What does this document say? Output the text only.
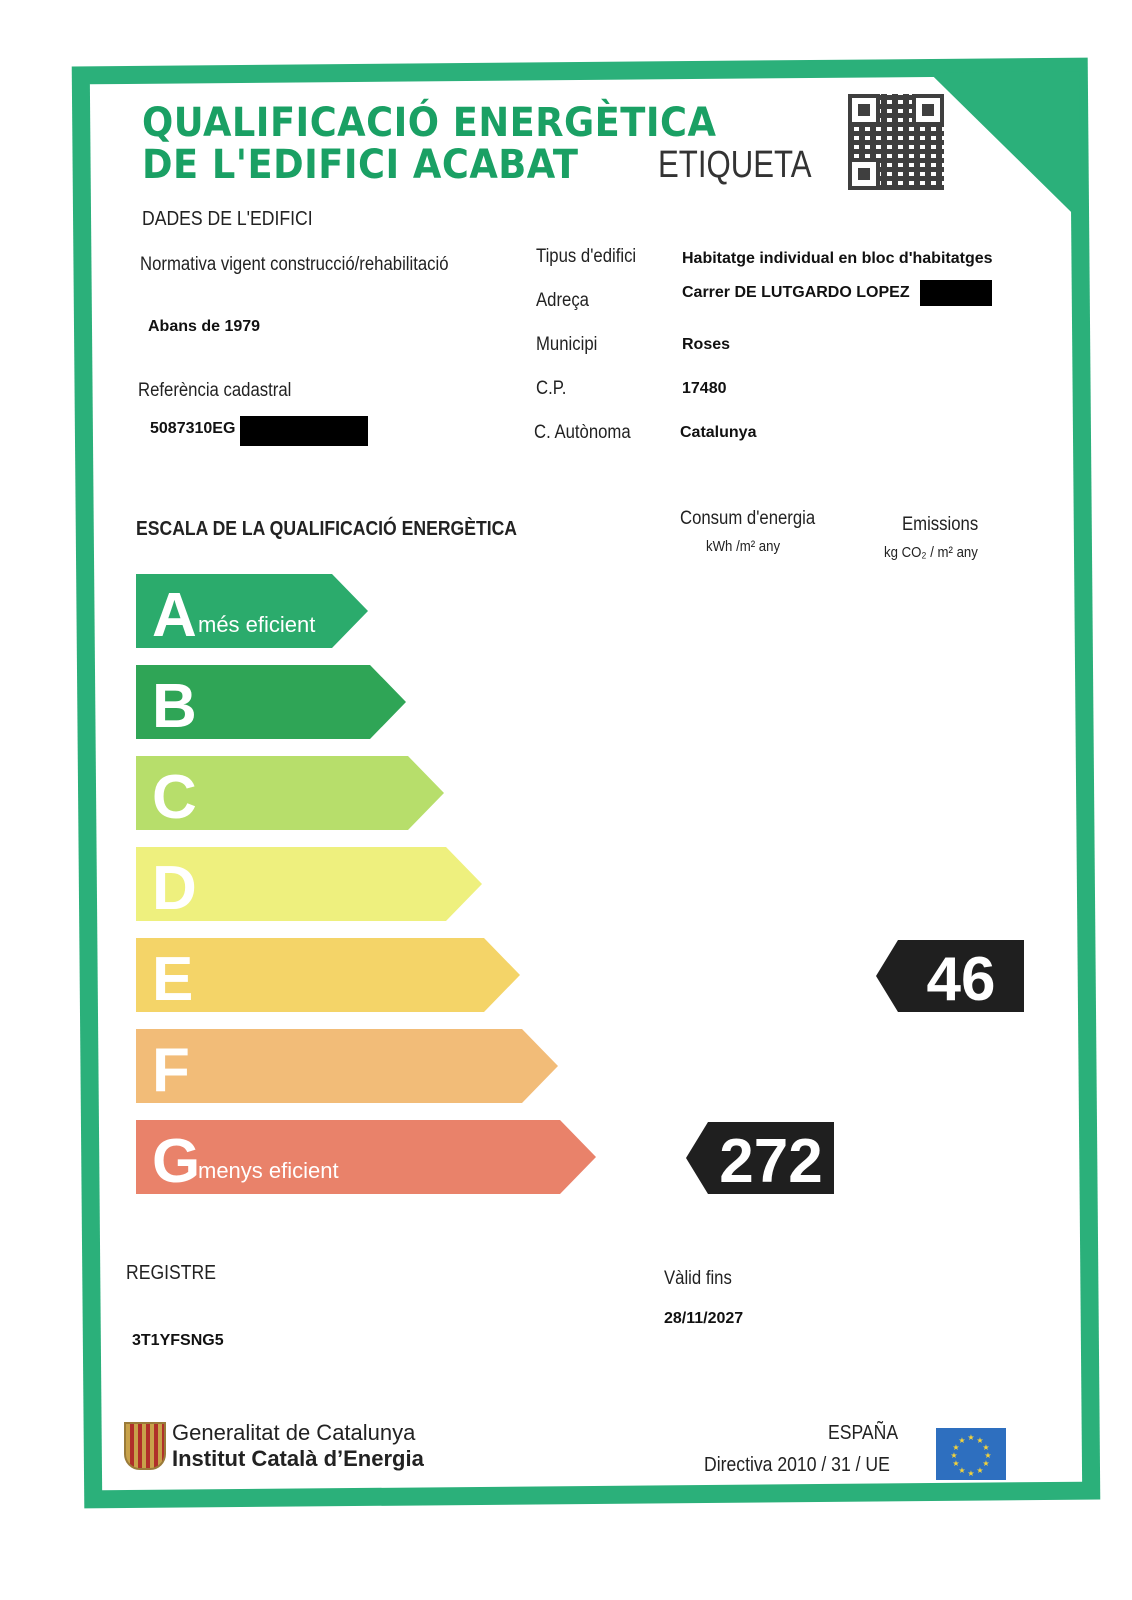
QUALIFICACIÓ ENERGÈTICA
DE L'EDIFICI ACABAT ETIQUETA
DADES DE L'EDIFICI
Normativa vigent construcció/rehabilitació
Abans de 1979
Referència cadastral
5087310EG
Tipus d'edifici	Habitatge individual en bloc d'habitatges
Adreça	Carrer DE LUTGARDO LOPEZ
Municipi	Roses
C.P.	17480
C. Autònoma	Catalunya
ESCALA DE LA QUALIFICACIÓ ENERGÈTICA	Consum d'energia
kWh /m² any
Emissions
kg CO₂ / m² any
A més eficient
B
C
D
E
F
G
menys eficient	272
46
REGISTRE
3T1YFSNG5
Vàlid fins
28/11/2027
Generalitat de Catalunya
Institut Català d’Energia
ESPAÑA
Directiva 2010 / 31 / UE
★ ★
★
★
★
★
★
★
★
★
★
★
